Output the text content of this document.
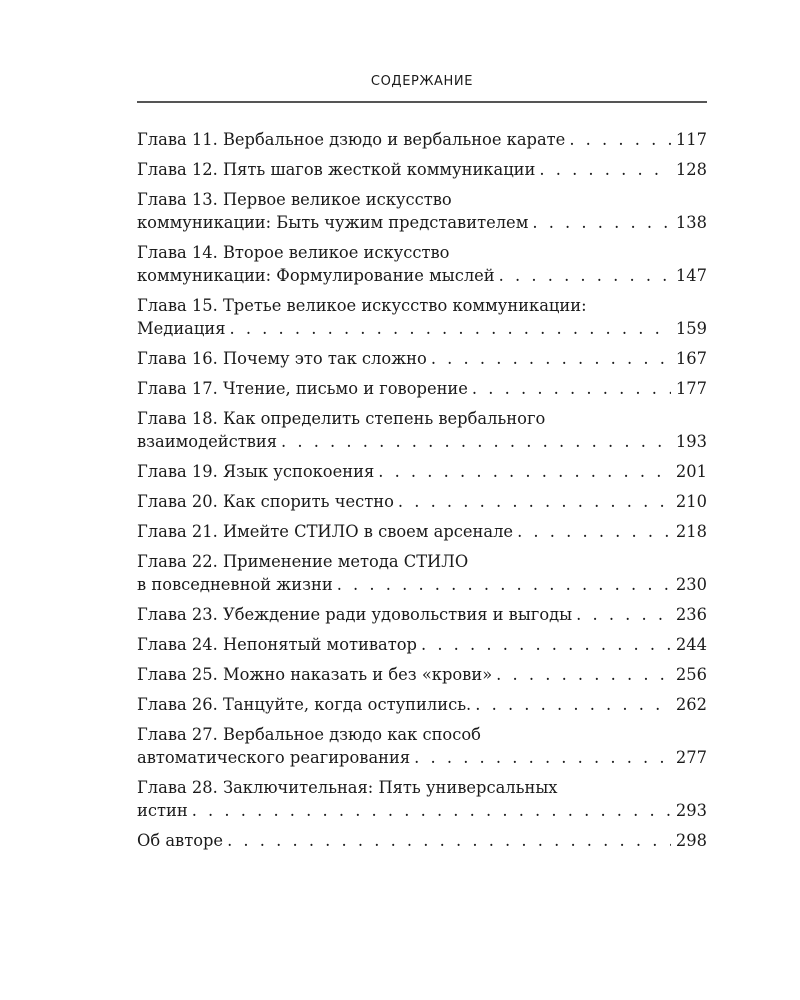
СОДЕРЖАНИЕ
Глава 11. Вербальное дзюдо и вербальное карате . . .	117
Глава 12. Пять шагов жесткой коммуникации . . .	128
Глава 13. Первое великое искусство
коммуникации: Быть чужим представителем . . .	138
Глава 14. Второе великое искусство
коммуникации: Формулирование мыслей . . .	147
Глава 15. Третье великое искусство коммуникации:
Медиация . . .	159
Глава 16. Почему это так сложно . . .	167
Глава 17. Чтение, письмо и говорение . . .	177
Глава 18. Как определить степень вербального
взаимодействия . . .	193
Глава 19. Язык успокоения . . .	201
Глава 20. Как спорить честно . . .	210
Глава 21. Имейте СТИЛО в своем арсенале . . .	218
Глава 22. Применение метода СТИЛО
в повседневной жизни . . .	230
Глава 23. Убеждение ради удовольствия и выгоды . . .	236
Глава 24. Непонятый мотиватор . . .	244
Глава 25. Можно наказать и без «крови» . . .	256
Глава 26. Танцуйте, когда оступились. . . .	262
Глава 27. Вербальное дзюдо как способ
автоматического реагирования . . .	277
Глава 28. Заключительная: Пять универсальных
истин . . .	293
Об авторе . . .	298
